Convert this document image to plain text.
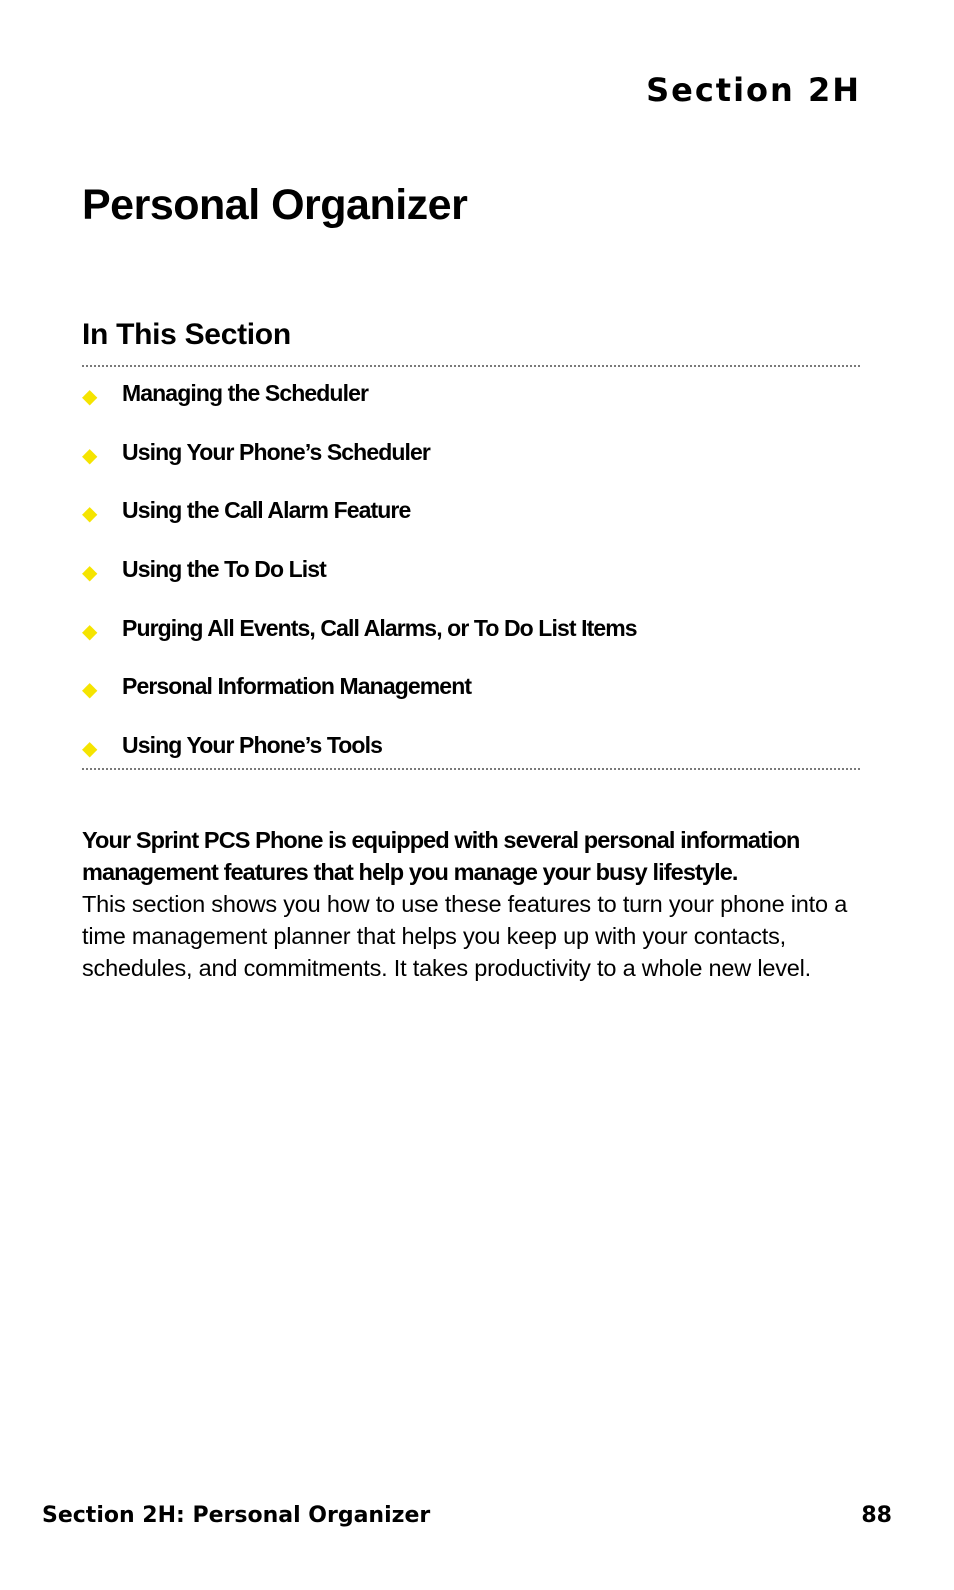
Section 2H
Personal Organizer
In This Section
◆	Managing the Scheduler
◆	Using Your Phone’s Scheduler
◆	Using the Call Alarm Feature
◆	Using the To Do List
◆	Purging All Events, Call Alarms, or To Do List Items
◆	Personal Information Management
◆	Using Your Phone’s Tools
Your Sprint PCS Phone is equipped with several personal information management features that help you manage your busy lifestyle.
This section shows you how to use these features to turn your phone into a time management planner that helps you keep up with your contacts, schedules, and commitments. It takes productivity to a whole new level.
Section 2H: Personal Organizer	88
